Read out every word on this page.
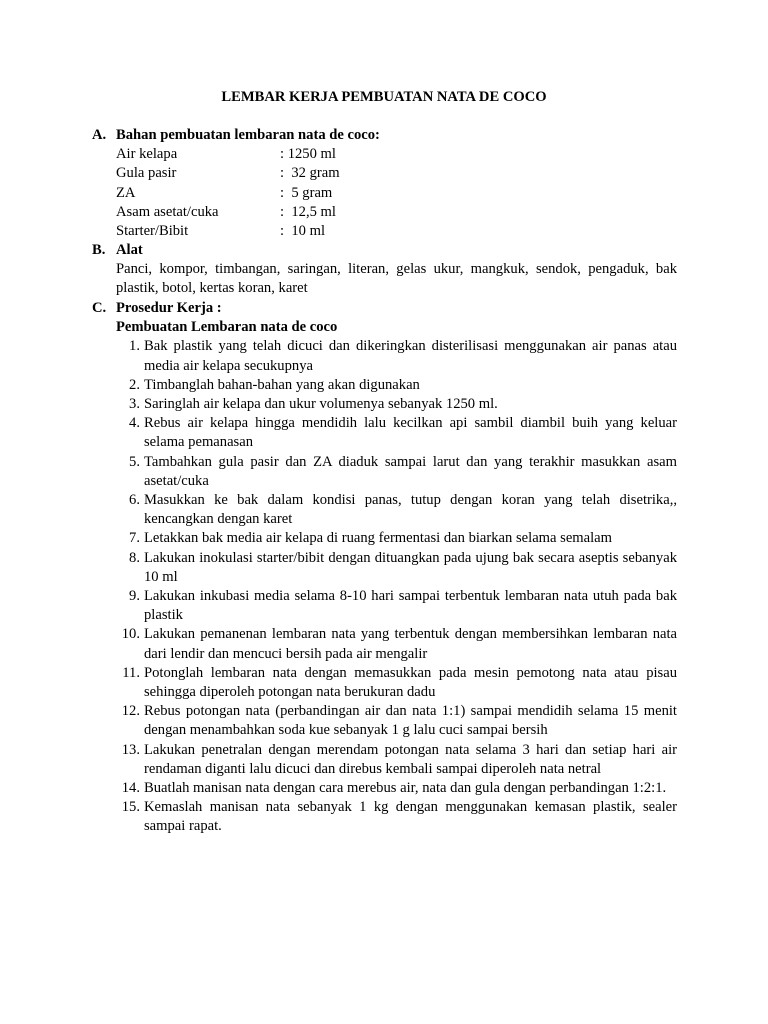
LEMBAR KERJA PEMBUATAN NATA DE COCO
A. Bahan pembuatan lembaran nata de coco:
Air kelapa	: 1250 ml
Gula pasir	:  32 gram
ZA	:  5 gram
Asam asetat/cuka	:  12,5 ml
Starter/Bibit	:  10 ml
B. Alat
Panci, kompor, timbangan, saringan, literan, gelas ukur, mangkuk, sendok, pengaduk, bak plastik, botol, kertas koran, karet
C. Prosedur Kerja :
Pembuatan Lembaran nata de coco
1. Bak plastik yang telah dicuci dan dikeringkan disterilisasi menggunakan air panas atau media air kelapa secukupnya
2. Timbanglah bahan-bahan yang akan digunakan
3. Saringlah air kelapa dan ukur volumenya sebanyak 1250 ml.
4. Rebus air kelapa hingga mendidih lalu kecilkan api sambil diambil buih yang keluar selama pemanasan
5. Tambahkan gula pasir dan ZA diaduk sampai larut dan yang terakhir masukkan asam asetat/cuka
6. Masukkan ke bak dalam kondisi panas, tutup dengan koran yang telah disetrika,, kencangkan dengan karet
7. Letakkan bak media air kelapa di ruang fermentasi dan biarkan selama semalam
8. Lakukan inokulasi starter/bibit dengan dituangkan pada ujung bak secara aseptis sebanyak 10 ml
9. Lakukan inkubasi media selama 8-10 hari sampai terbentuk lembaran nata utuh pada bak plastik
10. Lakukan pemanenan lembaran nata yang terbentuk dengan membersihkan lembaran nata dari lendir dan mencuci bersih pada air mengalir
11. Potonglah lembaran nata dengan memasukkan pada mesin pemotong nata atau pisau sehingga diperoleh potongan nata berukuran dadu
12. Rebus potongan nata (perbandingan air dan nata 1:1) sampai mendidih selama 15 menit dengan menambahkan soda kue sebanyak 1 g lalu cuci sampai bersih
13. Lakukan penetralan dengan merendam potongan nata selama 3 hari dan setiap hari air rendaman diganti lalu dicuci dan direbus kembali sampai diperoleh nata netral
14. Buatlah manisan nata dengan cara merebus air, nata dan gula dengan perbandingan 1:2:1.
15. Kemaslah manisan nata sebanyak 1 kg dengan menggunakan kemasan plastik, sealer sampai rapat.
